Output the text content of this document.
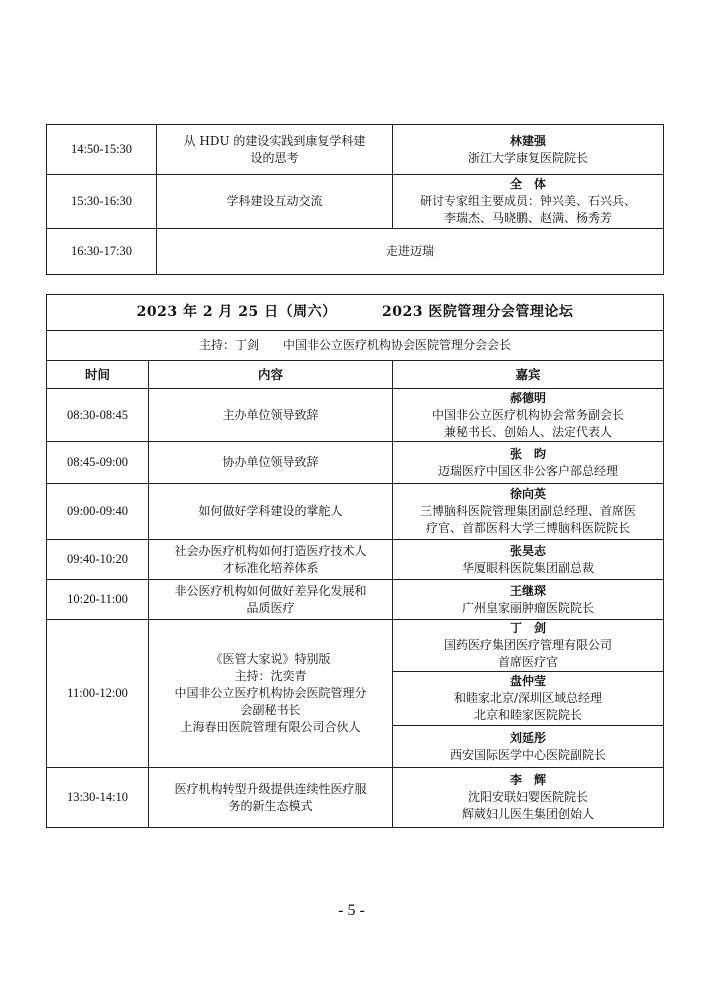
14:50-15:30	从 HDU 的建设实践到康复学科建
设的思考	林建强
浙江大学康复医院院长

15:30-16:30	学科建设互动交流	全　体
研讨专家组主要成员：钟兴美、石兴兵、
李瑞杰、马晓鹏、赵满、杨秀芳

16:30-17:30	走进迈瑞	
2023 年 2 月 25 日（周六） 2023 医院管理分会管理论坛		
主持：丁剑　　中国非公立医疗机构协会医院管理分会会长		
时间	内容	嘉宾
08:30-08:45	主办单位领导致辞	郝德明
中国非公立医疗机构协会常务副会长
兼秘书长、创始人、法定代表人

08:45-09:00	协办单位领导致辞	张　昀
迈瑞医疗中国区非公客户部总经理

09:00-09:40	如何做好学科建设的掌舵人	徐向英
三博脑科医院管理集团副总经理、首席医
疗官、首都医科大学三博脑科医院院长

09:40-10:20	社会办医疗机构如何打造医疗技术人
才标准化培养体系	张昊志
华厦眼科医院集团副总裁

10:20-11:00	非公医疗机构如何做好差异化发展和
品质医疗	王继琛
广州皇家丽肿瘤医院院长

11:00-12:00	《医管大家说》特别版
主持：沈奕青
中国非公立医疗机构协会医院管理分
会副秘书长
上海春田医院管理有限公司合伙人	丁　剑
国药医疗集团医疗管理有限公司
首席医疗官

		盘仲莹
和睦家北京/深圳区域总经理
北京和睦家医院院长

		刘延彤
西安国际医学中心医院副院长

13:30-14:10	医疗机构转型升级提供连续性医疗服
务的新生态模式	李　辉
沈阳安联妇婴医院院长
辉葳妇儿医生集团创始人
- 5 -
